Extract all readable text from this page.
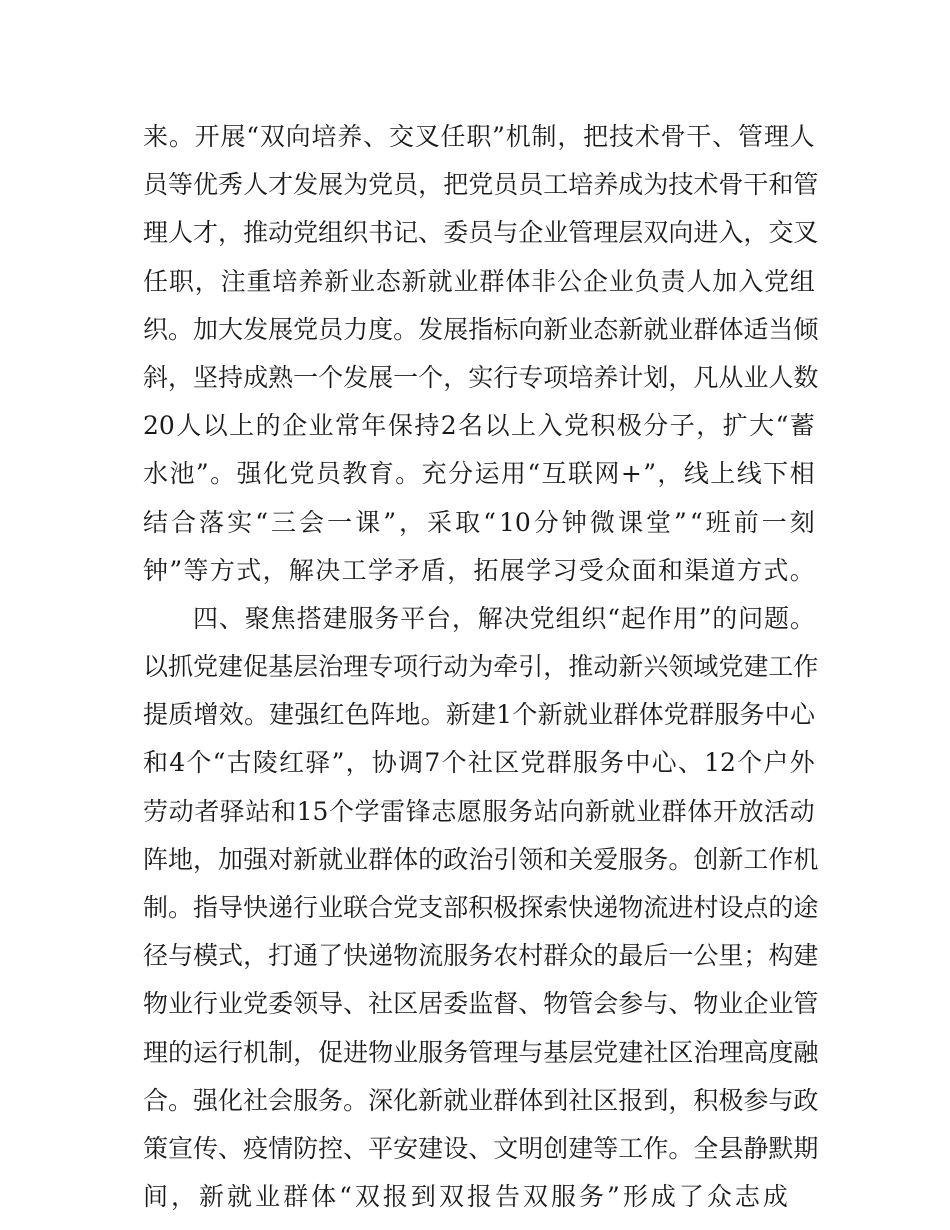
来 。 开 展 “ 双 向 培 养 、 交 叉 任 职 ” 机 制 ， 把 技 术 骨 干 、 管 理 人
员 等 优 秀 人 才 发 展 为 党 员 ， 把 党 员 员 工 培 养 成 为 技 术 骨 干 和 管
理 人 才 ， 推 动 党 组 织 书 记 、 委 员 与 企 业 管 理 层 双 向 进 入 ， 交 叉
任 职 ， 注 重 培 养 新 业 态 新 就 业 群 体 非 公 企 业 负 责 人 加 入 党 组
织 。 加 大 发 展 党 员 力 度 。 发 展 指 标 向 新 业 态 新 就 业 群 体 适 当 倾
斜 ， 坚 持 成 熟 一 个 发 展 一 个 ， 实 行 专 项 培 养 计 划 ， 凡 从 业 人 数
20 人 以 上 的 企 业 常 年 保 持 2 名 以 上 入 党 积 极 分 子 ， 扩 大 “ 蓄
水 池 ” 。 强 化 党 员 教 育 。 充 分 运 用 “ 互 联 网 + ” ， 线 上 线 下 相
结 合 落 实 “ 三 会 一 课 ” ， 采 取 “ 10 分 钟 微 课 堂 ” “ 班 前 一 刻
钟 ” 等 方 式 ， 解 决 工 学 矛 盾 ， 拓 展 学 习 受 众 面 和 渠 道 方 式 。
四 、 聚 焦 搭 建 服 务 平 台 ， 解 决 党 组 织 “ 起 作 用 ” 的 问 题 。
以 抓 党 建 促 基 层 治 理 专 项 行 动 为 牵 引 ， 推 动 新 兴 领 域 党 建 工 作
提 质 增 效 。 建 强 红 色 阵 地 。 新 建 1 个 新 就 业 群 体 党 群 服 务 中 心
和 4 个 “ 古 陵 红 驿 ” ， 协 调 7 个 社 区 党 群 服 务 中 心 、 12 个 户 外
劳 动 者 驿 站 和 15 个 学 雷 锋 志 愿 服 务 站 向 新 就 业 群 体 开 放 活 动
阵 地 ， 加 强 对 新 就 业 群 体 的 政 治 引 领 和 关 爱 服 务 。 创 新 工 作 机
制 。 指 导 快 递 行 业 联 合 党 支 部 积 极 探 索 快 递 物 流 进 村 设 点 的 途
径 与 模 式 ， 打 通 了 快 递 物 流 服 务 农 村 群 众 的 最 后 一 公 里 ； 构 建
物 业 行 业 党 委 领 导 、 社 区 居 委 监 督 、 物 管 会 参 与 、 物 业 企 业 管
理 的 运 行 机 制 ， 促 进 物 业 服 务 管 理 与 基 层 党 建 社 区 治 理 高 度 融
合 。 强 化 社 会 服 务 。 深 化 新 就 业 群 体 到 社 区 报 到 ， 积 极 参 与 政
策 宣 传 、 疫 情 防 控 、 平 安 建 设 、 文 明 创 建 等 工 作 。 全 县 静 默 期
间 ， 新 就 业 群 体 “ 双 报 到 双 报 告 双 服 务 ” 形 成 了 众 志 成
